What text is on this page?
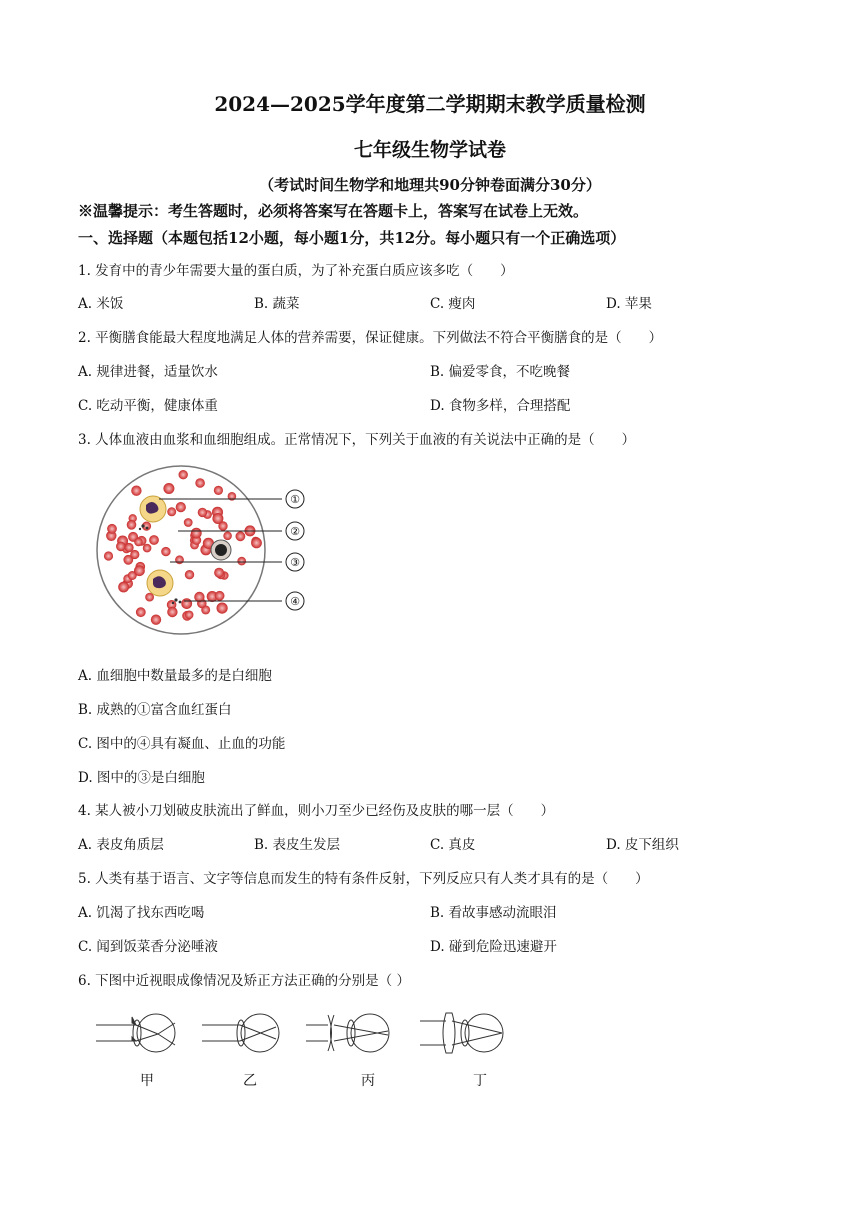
2024—2025学年度第二学期期末教学质量检测
七年级生物学试卷
（考试时间生物学和地理共90分钟卷面满分30分）
※温馨提示：考生答题时，必须将答案写在答题卡上，答案写在试卷上无效。
一、选择题（本题包括12小题，每小题1分，共12分。每小题只有一个正确选项）
1. 发育中的青少年需要大量的蛋白质，为了补充蛋白质应该多吃（　　）
A. 米饭	B. 蔬菜	C. 瘦肉	D. 苹果
2. 平衡膳食能最大程度地满足人体的营养需要，保证健康。下列做法不符合平衡膳食的是（　　）
A. 规律进餐，适量饮水	B. 偏爱零食，不吃晚餐
C. 吃动平衡，健康体重	D. 食物多样，合理搭配
3. 人体血液由血浆和血细胞组成。正常情况下，下列关于血液的有关说法中正确的是（　　）
①
②
③
④
A. 血细胞中数量最多的是白细胞
B. 成熟的①富含血红蛋白
C. 图中的④具有凝血、止血的功能
D. 图中的③是白细胞
4. 某人被小刀划破皮肤流出了鲜血，则小刀至少已经伤及皮肤的哪一层（　　）
A. 表皮角质层	B. 表皮生发层	C. 真皮	D. 皮下组织
5. 人类有基于语言、文字等信息而发生的特有条件反射，下列反应只有人类才具有的是（　　）
A. 饥渴了找东西吃喝	B. 看故事感动流眼泪
C. 闻到饭菜香分泌唾液	D. 碰到危险迅速避开
6. 下图中近视眼成像情况及矫正方法正确的分别是（ ）
甲	乙	丙	丁
